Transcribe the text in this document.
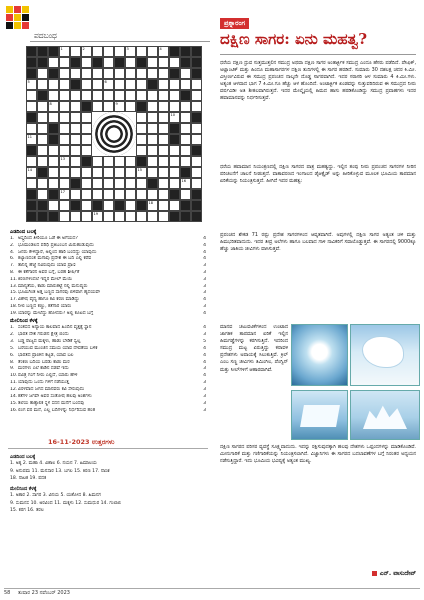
ಪದಬಂಧ
1	2	3	4
5	6
8	9
10
11
13
14	15
16
17
18
19
ಎಡದಿಂದ ಬಲಕ್ಕೆ
1. ಅಸ್ತ್ರದಿಂದ ತೀರಿಯೂ ಒಡೆ ಈ ಅಗೆಯದ?	4
2. ಭೂಮಂಡಲದ ಪರಿಧಿ ಪ್ರತಿಬಂಬನ ಮಿರುಹುಡುವುದು	4
4. ಜನರು ಕೇಳಿದ್ದಾರೆ, ಅಲ್ಲಿಂದ ಹಾರಿ ಬಂದದ್ದು ಯಾವುದು	4
6. ಕಲ್ಯಾಣದಂತ ಮಗಾವು ಪ್ರದೇಶ ಈ ಬದಿ ಎಲ್ಲಿ ಕರೆವ	4
7. ತಾನಿನ್ನ ಹೆಜ್ಜೆ ನವಿರುವುದು ಯಾವ ಪ್ರಾಣಿ	3
8. ಈ ಕತೆಗಾರನ ಅವರ ಬಗ್ಗೆ, ಬರಹ ಶೀರ್ಷಿಕೆ	3
11.ಕಿರಣಗಳಿಂದಲೆ ಇದ್ದರ ಮೇಲ್ ಮೆಯಿ	3
13.ಮಾನ್ಯತೆಯ, ಕಾಡು ಮಾರುಕಟ್ಟೆ ನಲ್ಲಿ ಮನುಷ್ಯರು	3
15.ಭೂಮಿಗಿಂತ ಅತ್ತ ಬಣ್ಣದ ಸಾಗರವು ಬಿಳಿವಾಗ ಹೃದಯವೇ	3
17.ವಿಶೇಷ ವೈದ್ಯ ಹಾಗೂ ಕವಿ ಕರಣ ಮಾಡಿದ್ದು	4
18.ನೀಲಿ ಬಣ್ಣದ ಕಣ್ಣು, ಕತೆಗಾರ ಯಾರು	3
19.ಯಾರನ್ನು ಮೇಲೆದ್ದು ಹೋದರು? ಅಲ್ಲಿ ಕೂಟದ ಬಗ್ಗೆ	4
ಮೇಲಿನಿಂದ ಕೆಳಕ್ಕೆ
1. ಸಂತಸದ ಅನ್ಯಾಯ ಕಾಲವಾದ ಹಿಂದಿನ ವೃತ್ತಕ್ಕೆ ಸ್ಥಾನ	4
2. ಭಾರತ ದೇಶ ಗರುಡನ ಕ್ಷೇತ್ರ ಬಿಂದು	3
3. ಬಡ್ಡ ರಾಜ್ಯದ ಮಕ್ಕಳು, ಹಾಡು ಬೇಡಿಕೆ ಸ್ವಲ್ಪ	5
5. ಬರೆಯುವ ಮುಂಚಿನ ಸಮಯ ಯಾವ ದೇವತೆಯ ಬಳಿಕ	4
6. ಭಾರತದ ಪ್ರಾಚೀನ ಕಟ್ಟಡ, ಯಾವ ಬಲ	4
8. ತೆಂಕಣ ಬದಿಯ ಬರಡು ಕಾಡು ಮರ	4
9. ಮರಗಳು ಎಲೆ ಕಾಡಿನ ದಡವೆ ಇದು	3
10.ಪವಿತ್ರ ಗಂಗೆ ನೀರು ಎಲ್ಲಿದೆ, ಯಾರು ಹೇಳಿ	4
11.ಯಾವುದು ಒಂದು ಗಳಿಗೆ ನಡೆಯುತ್ತ	3
12.ವಿರಳವಾದ ಜಗದ ಮಾನವರು ಕವಿ ಸೇರುವುದು	3
14.ಕತೆಗಳ ಜಗವೇ ಅವರ ಸಂತೋಷ ಹಲವು ಅಂಶಗಳು	3
15.ತಲೆಯ ತಾತ್ಕಾಲಿಕ ಸ್ಥಳ ಸದನ ಮನೆಗೆ ಬಂದವು	3
16.ಲಿಂಗ ವರ ಮನೆ, ಎಲ್ಲ ಬದಿಗಳನ್ನು ನಿರ್ಧರಿಸುವ ಹಂತ	3
16-11-2023 ಉತ್ತರಗಳು
ಎಡದಿಂದ ಬಲಕ್ಕೆ
1. ಅಕ್ಕ 2. ಮಹಾ 4. ವಿಶಾಲ 6. ನಯನ 7. ಹಿಮಾಲಯ
9. ಅನುಪಮ 11. ಮನಸಾರ 13. ಬಗಲ 15. ಕಿರಣ 17. ನಾಸಿಕ
18. ನಾಟಕ 19. ಪದಕ
ಮೇಲಿನಿಂದ ಕೆಳಕ್ಕೆ
1. ಅಕಾರ 2. ಸಾಗರ 3. ವಿನಯ 5. ಯಶೋದ 8. ಹಿಮನಗ
9. ಸುಮನಸ 10. ಅರವಿಂದ 11. ಮಕ್ಕಳು 12. ಸುಮಧುರ 14. ಗುಲಾಬಿ
15. ಕರಗ 16. ತರಲ
ಪ್ರಶ್ನಾರಂಗ
ದಕ್ಷಿಣ ಸಾಗರ: ಏನು ಮಹತ್ವ?
ಧರೆಯ ದಕ್ಷಿಣ ಧ್ರುವ ಸುತ್ತಮುತ್ತಲಿನ ಸಮುದ್ರ ಅಥವಾ ದಕ್ಷಿಣ ಸಾಗರ ಅಂತಾರ್ಕ್ಟಿಕ ಸಮುದ್ರ ಎಂದೂ ಹೆಸರು ಪಡೆದಿದೆ. ಪೆಸಿಫಿಕ್, ಅಟ್ಲಾಂಟಿಕ್ ಮತ್ತು ಹಿಂದೂ ಮಹಾಸಾಗರಗಳ ದಕ್ಷಿಣ ತುದಿಗಳಲ್ಲಿ ಈ ಸಾಗರ ಹರಡಿದೆ. ಸುಮಾರು 30 ದಶಲಕ್ಷ ಚದರ ಕಿ.ಮೀ. ವಿಸ್ತೀರ್ಣವಿರುವ ಈ ಸಮುದ್ರ ಪ್ರಪಂಚದ ನಾಲ್ಕನೇ ದೊಡ್ಡ ಸಾಗರವಾಗಿದೆ. ಇದರ ಸರಾಸರಿ ಆಳ ಸುಮಾರು 4 ಕಿ.ಮೀ.ಗಳು. ಅತ್ಯಂತ ಆಳವಾದ ಭಾಗ 7 ಕಿ.ಮೀ.ಗೂ ಹೆಚ್ಚು ಆಳ ಹೊಂದಿದೆ. ಅಂಟಾರ್ಕ್ಟಿಕ ಖಂಡವನ್ನು ಸುತ್ತುವರಿದಿರುವ ಈ ಸಮುದ್ರದ ನೀರು ವರ್ಷವಿಡೀ ಅತಿ ಶೀತಲವಾಗಿರುತ್ತದೆ. ಇದರ ಮೇಲ್ಮೈಯಲ್ಲಿ ಹಿಮದ ಹಾಸು ಹರಡಿಕೊಂಡಿದ್ದು ಸಮುದ್ರ ಪ್ರವಾಹಗಳು ಇದರ ಹವಾಮಾನವನ್ನು ನಿರ್ಧರಿಸುತ್ತವೆ.
ಧರೆಯ ಹವಾಮಾನ ನಿಯಂತ್ರಣದಲ್ಲಿ ದಕ್ಷಿಣ ಸಾಗರದ ಪಾತ್ರ ಮಹತ್ವದ್ದು. ಇಲ್ಲಿನ ತಂಪು ನೀರು ಪ್ರಪಂಚದ ಸಾಗರಗಳ ನೀರಿನ ಪರಿಚಲನೆಗೆ ಚಾಲನೆ ನೀಡುತ್ತದೆ. ವಾತಾವರಣದ ಇಂಗಾಲದ ಡೈಆಕ್ಸೈಡ್ ಅನ್ನು ಹೀರಿಕೊಳ್ಳುವ ಮೂಲಕ ಭೂಮಿಯ ತಾಪಮಾನ ಏರಿಕೆಯನ್ನು ನಿಯಂತ್ರಿಸುತ್ತದೆ. ಹೀಗಿದೆ ಇದರ ಮಹತ್ವ:
ಪ್ರಪಂಚದ ಶೇಕಡ 71 ರಷ್ಟು ಪ್ರದೇಶ ಸಾಗರಗಳಿಂದ ಆವೃತವಾಗಿದೆ. ಅವುಗಳಲ್ಲಿ ದಕ್ಷಿಣ ಸಾಗರ ಅತ್ಯಂತ ಚಳಿ ಮತ್ತು ಹಿಮಭರಿತವಾದುದು. ಇದರ ತೀವ್ರ ಅಲೆಗಳು ಹಾಗೂ ಬಲವಾದ ಗಾಳಿ ನಾವಿಕರಿಗೆ ಸವಾಲೊಡ್ಡುತ್ತವೆ. ಈ ಸಾಗರದಲ್ಲಿ 9000ಕ್ಕೂ ಹೆಚ್ಚು ಜಾತಿಯ ಜೀವಿಗಳು ವಾಸಿಸುತ್ತವೆ.
ಮಾನವ ಚಟುವಟಿಕೆಗಳಿಂದ ಉಂಟಾದ ಜಾಗತಿಕ ತಾಪಮಾನ ಏರಿಕೆ ಇಲ್ಲಿನ ಹಿಮಗಡ್ಡೆಗಳನ್ನು ಕರಗಿಸುತ್ತಿದೆ. ಇದರಿಂದ ಸಮುದ್ರ ಮಟ್ಟ ಏರುತ್ತಿದ್ದು ಕರಾವಳಿ ಪ್ರದೇಶಗಳು ಅಪಾಯಕ್ಕೆ ಸಿಲುಕುತ್ತಿವೆ. ಕ್ರಿಲ್ ಎಂಬ ಸಣ್ಣ ಜೀವಿಗಳು ತಿಮಿಂಗಿಲ, ಪೆಂಗ್ವಿನ್ ಮತ್ತು ಸೀಲ್‌ಗಳಿಗೆ ಆಹಾರವಾಗಿವೆ.
ದಕ್ಷಿಣ ಸಾಗರದ ಪರಿಸರ ವ್ಯವಸ್ಥೆ ಸೂಕ್ಷ್ಮವಾದುದು. ಇದನ್ನು ರಕ್ಷಿಸುವುದಕ್ಕಾಗಿ ಹಲವು ದೇಶಗಳು ಒಪ್ಪಂದಗಳನ್ನು ಮಾಡಿಕೊಂಡಿವೆ. ಮೀನುಗಾರಿಕೆ ಮತ್ತು ಗಣಿಗಾರಿಕೆಯನ್ನು ನಿಯಂತ್ರಿಸಲಾಗಿದೆ. ವಿಜ್ಞಾನಿಗಳು ಈ ಸಾಗರದ ಬದಲಾವಣೆಗಳ ಬಗ್ಗೆ ನಿರಂತರ ಅಧ್ಯಯನ ನಡೆಸುತ್ತಿದ್ದಾರೆ. ಇದು ಭೂಮಿಯ ಭವಿಷ್ಯಕ್ಕೆ ಅತ್ಯಂತ ಮುಖ್ಯ.
ಎನ್. ವಾಸುದೇವ್
58 ತುಷಾರ 23 ನವೆಂಬರ್ 2023
